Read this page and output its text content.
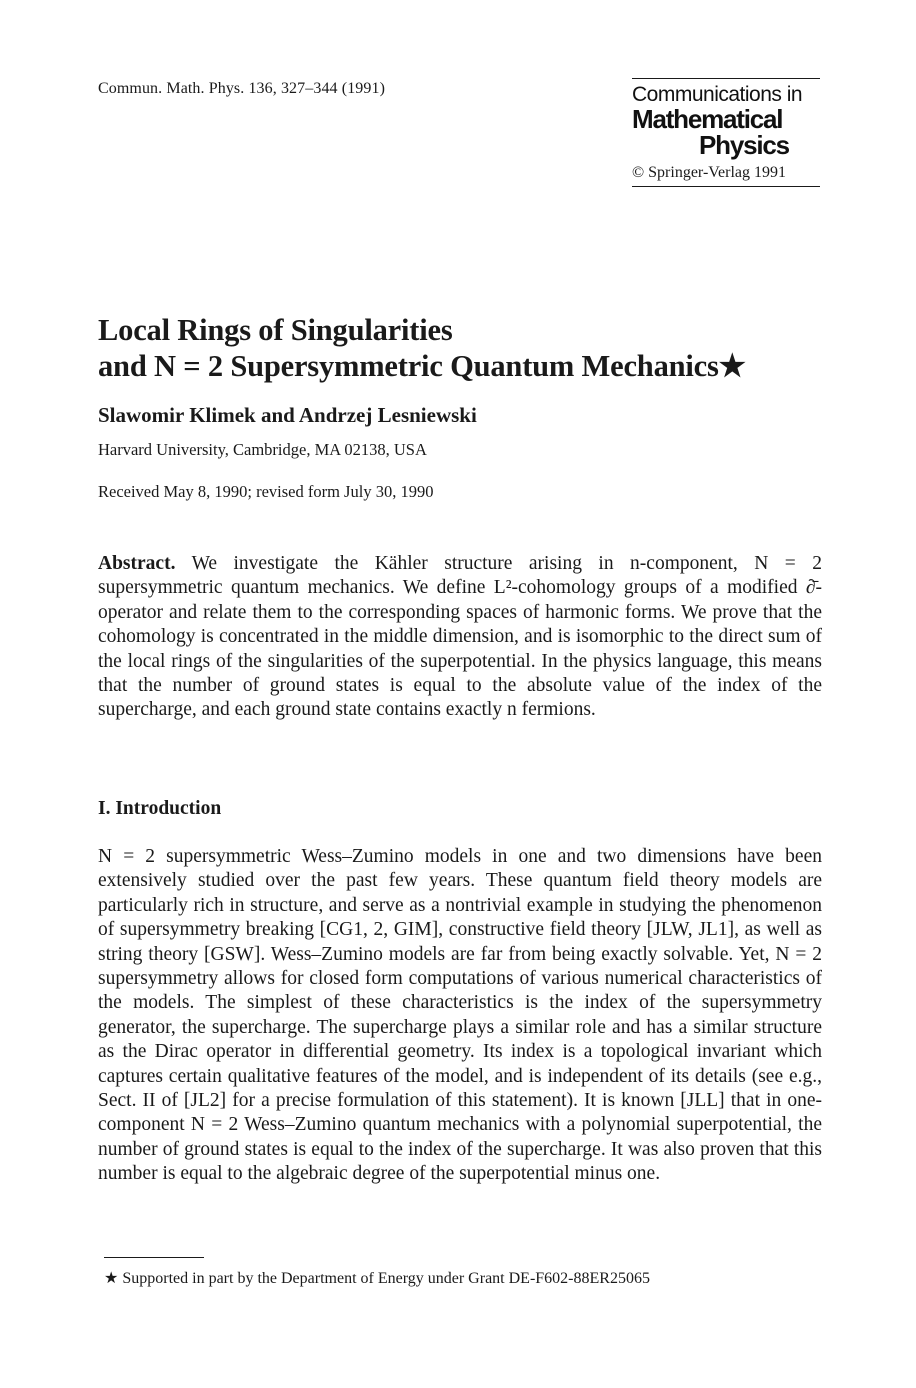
Commun. Math. Phys. 136, 327–344 (1991)	Communications in
Mathematical
Physics
© Springer-Verlag 1991
Local Rings of Singularities
and N = 2 Supersymmetric Quantum Mechanics★
Slawomir Klimek and Andrzej Lesniewski
Harvard University, Cambridge, MA 02138, USA
Received May 8, 1990; revised form July 30, 1990
Abstract. We investigate the Kähler structure arising in n-component, N = 2 supersymmetric quantum mechanics. We define L²-cohomology groups of a modified ∂̄-operator and relate them to the corresponding spaces of harmonic forms. We prove that the cohomology is concentrated in the middle dimension, and is isomorphic to the direct sum of the local rings of the singularities of the superpotential. In the physics language, this means that the number of ground states is equal to the absolute value of the index of the supercharge, and each ground state contains exactly n fermions.
I. Introduction
N = 2 supersymmetric Wess–Zumino models in one and two dimensions have been extensively studied over the past few years. These quantum field theory models are particularly rich in structure, and serve as a nontrivial example in studying the phenomenon of supersymmetry breaking [CG1, 2, GIM], constructive field theory [JLW, JL1], as well as string theory [GSW]. Wess–Zumino models are far from being exactly solvable. Yet, N = 2 supersymmetry allows for closed form computations of various numerical characteristics of the models. The simplest of these characteristics is the index of the supersymmetry generator, the supercharge. The supercharge plays a similar role and has a similar structure as the Dirac operator in differential geometry. Its index is a topological invariant which captures certain qualitative features of the model, and is independent of its details (see e.g., Sect. II of [JL2] for a precise formulation of this statement). It is known [JLL] that in one-component N = 2 Wess–Zumino quantum mechanics with a polynomial superpotential, the number of ground states is equal to the index of the supercharge. It was also proven that this number is equal to the algebraic degree of the superpotential minus one.
★ Supported in part by the Department of Energy under Grant DE-F602-88ER25065
